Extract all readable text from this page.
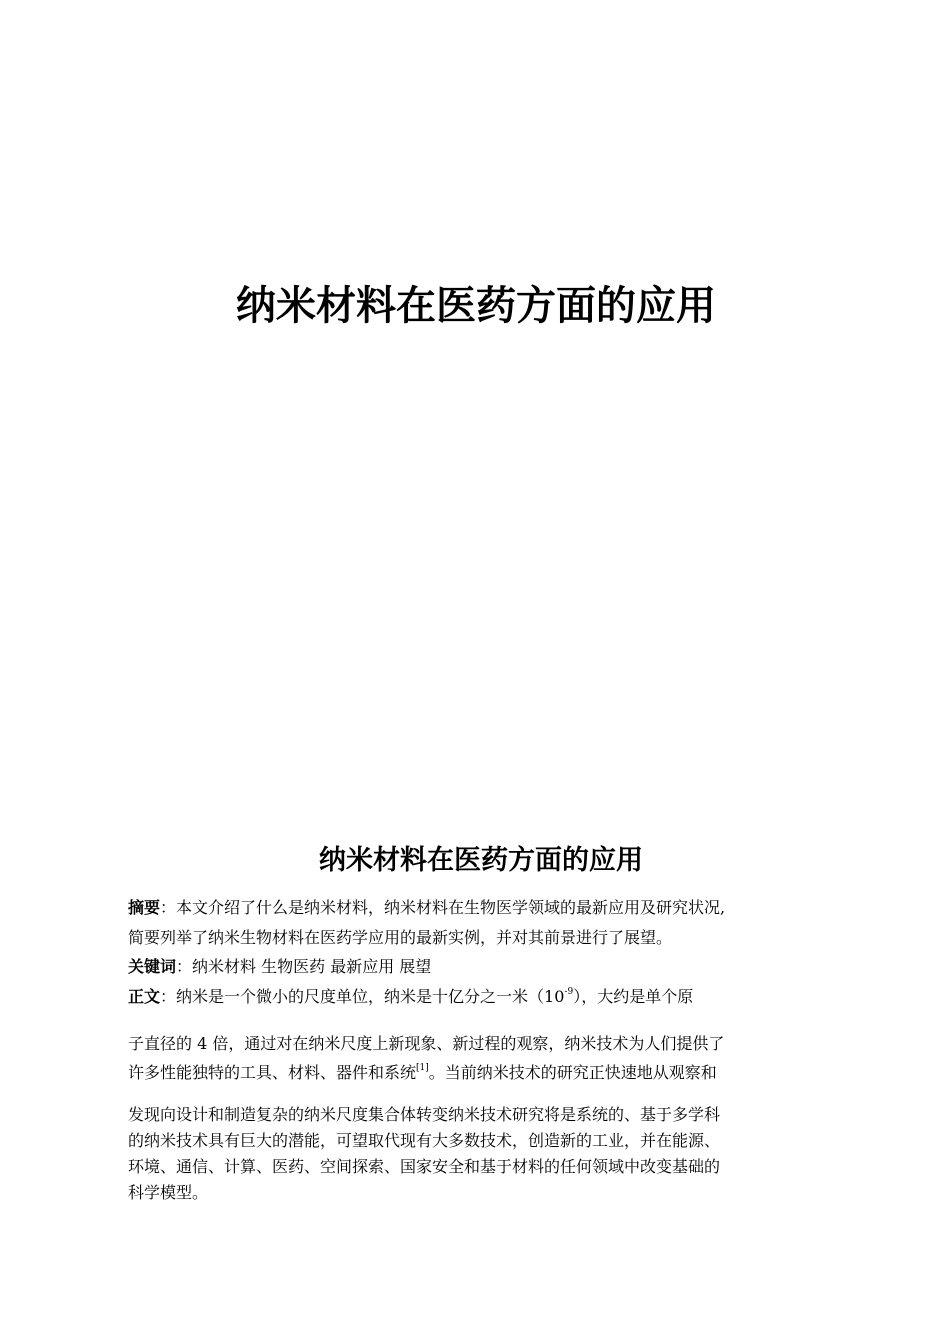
纳米材料在医药方面的应用
纳米材料在医药方面的应用

摘要：本文介绍了什么是纳米材料，纳米材料在生物医学领域的最新应用及研究状况,
简要列举了纳米生物材料在医药学应用的最新实例，并对其前景进行了展望。

关键词：纳米材料 生物医药 最新应用 展望

正文：纳米是一个微小的尺度单位，纳米是十亿分之一米$(10^{-9})$，大约是单个原

子直径的 4 倍，通过对在纳米尺度上新现象、新过程的观察，纳米技术为人们提供了
许多性能独特的工具、材料、器件和系统[1]。当前纳米技术的研究正快速地从观察和

发现向设计和制造复杂的纳米尺度集合体转变纳米技术研究将是系统的、基于多学科
的纳米技术具有巨大的潜能，可望取代现有大多数技术，创造新的工业，并在能源、
环境、通信、计算、医药、空间探索、国家安全和基于材料的任何领域中改变基础的
科学模型。
